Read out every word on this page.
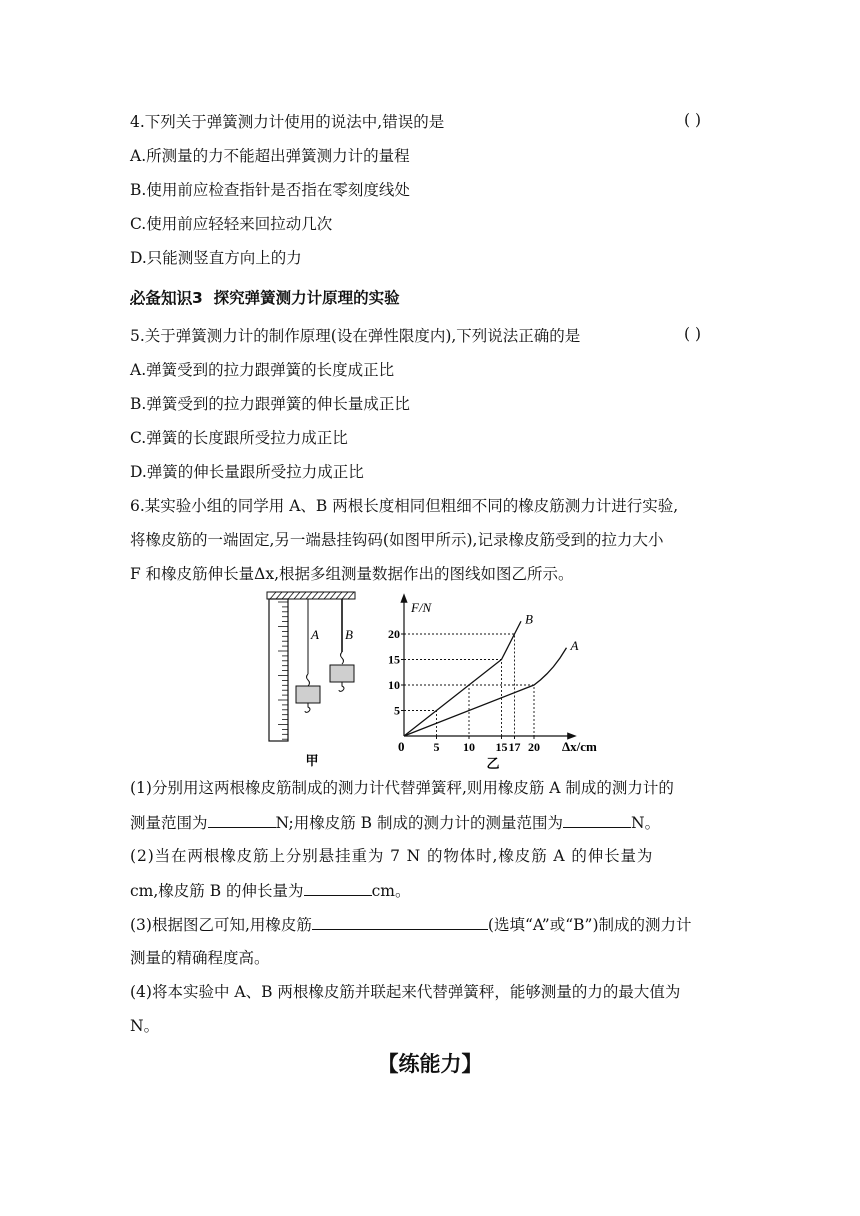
4.下列关于弹簧测力计使用的说法中,错误的是	( )
A.所测量的力不能超出弹簧测力计的量程
B.使用前应检查指针是否指在零刻度线处
C.使用前应轻轻来回拉动几次
D.只能测竖直方向上的力
必备知识3 探究弹簧测力计原理的实验
5.关于弹簧测力计的制作原理(设在弹性限度内),下列说法正确的是	( )
A.弹簧受到的拉力跟弹簧的长度成正比
B.弹簧受到的拉力跟弹簧的伸长量成正比
C.弹簧的长度跟所受拉力成正比
D.弹簧的伸长量跟所受拉力成正比
6.某实验小组的同学用 A、B 两根长度相同但粗细不同的橡皮筋测力计进行实验,
将橡皮筋的一端固定,另一端悬挂钩码(如图甲所示),记录橡皮筋受到的拉力大小
F 和橡皮筋伸长量Δx,根据多组测量数据作出的图线如图乙所示。
A B
甲
F/N
Δx/cm
0
A
B
5
10
15
20
5 10 15 17 20
乙
(1)分别用这两根橡皮筋制成的测力计代替弹簧秤,则用橡皮筋 A 制成的测力计的
测量范围为	N;用橡皮筋 B 制成的测力计的测量范围为	N。
(2)当在两根橡皮筋上分别悬挂重为 7 N 的物体时,橡皮筋 A 的伸长量为
cm,橡皮筋 B 的伸长量为	cm。
(3)根据图乙可知,用橡皮筋	(选填“A”或“B”)制成的测力计
测量的精确程度高。
(4)将本实验中 A、B 两根橡皮筋并联起来代替弹簧秤，能够测量的力的最大值为
N。
【练能力】
